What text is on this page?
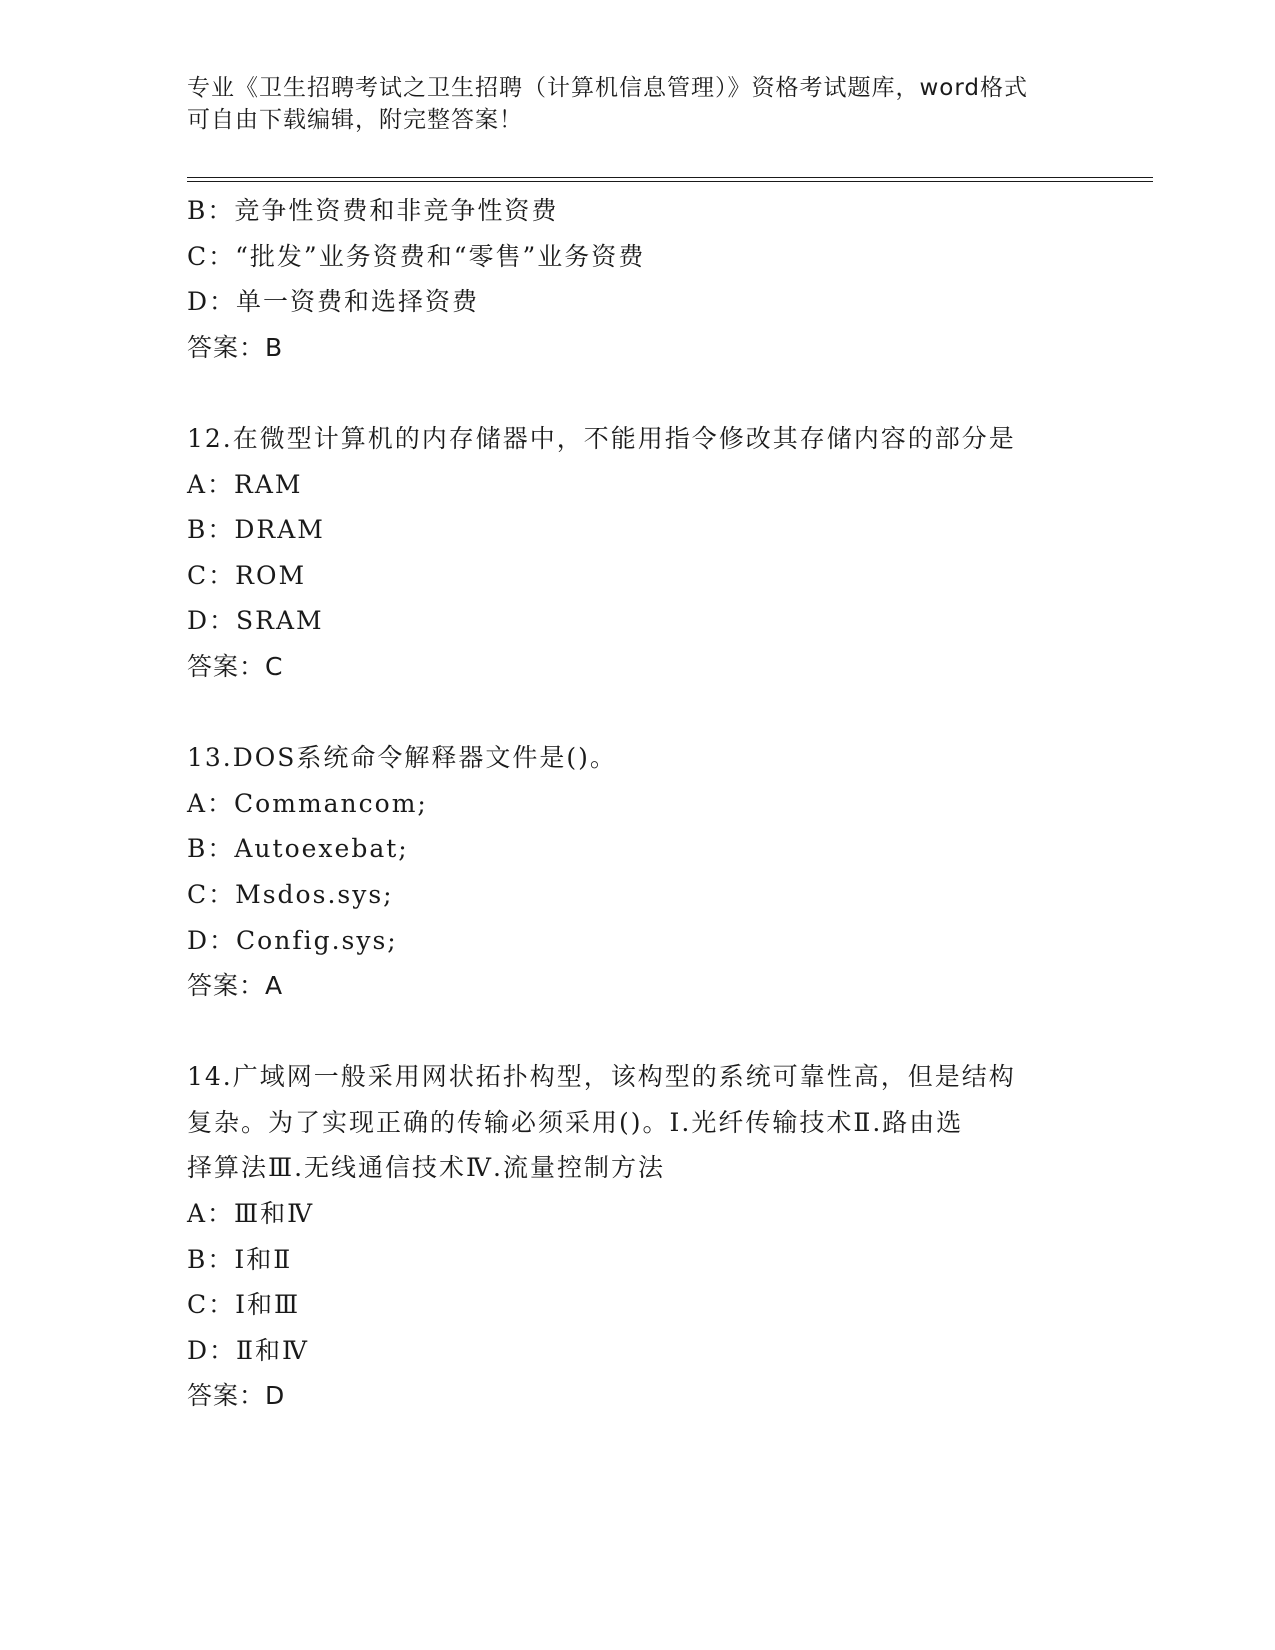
专业《卫生招聘考试之卫生招聘（计算机信息管理）》资格考试题库，word格式
可自由下载编辑，附完整答案！
B：竞争性资费和非竞争性资费
C：“批发”业务资费和“零售”业务资费
D：单一资费和选择资费
答案：B
12.在微型计算机的内存储器中，不能用指令修改其存储内容的部分是
A：RAM
B：DRAM
C：ROM
D：SRAM
答案：C
13.DOS系统命令解释器文件是()。
A：Commancom;
B：Autoexebat;
C：Msdos.sys;
D：Config.sys;
答案：A
14.广域网一般采用网状拓扑构型，该构型的系统可靠性高，但是结构
复杂。为了实现正确的传输必须采用()。Ⅰ.光纤传输技术Ⅱ.路由选
择算法Ⅲ.无线通信技术Ⅳ.流量控制方法
A：Ⅲ和Ⅳ
B：Ⅰ和Ⅱ
C：Ⅰ和Ⅲ
D：Ⅱ和Ⅳ
答案：D
